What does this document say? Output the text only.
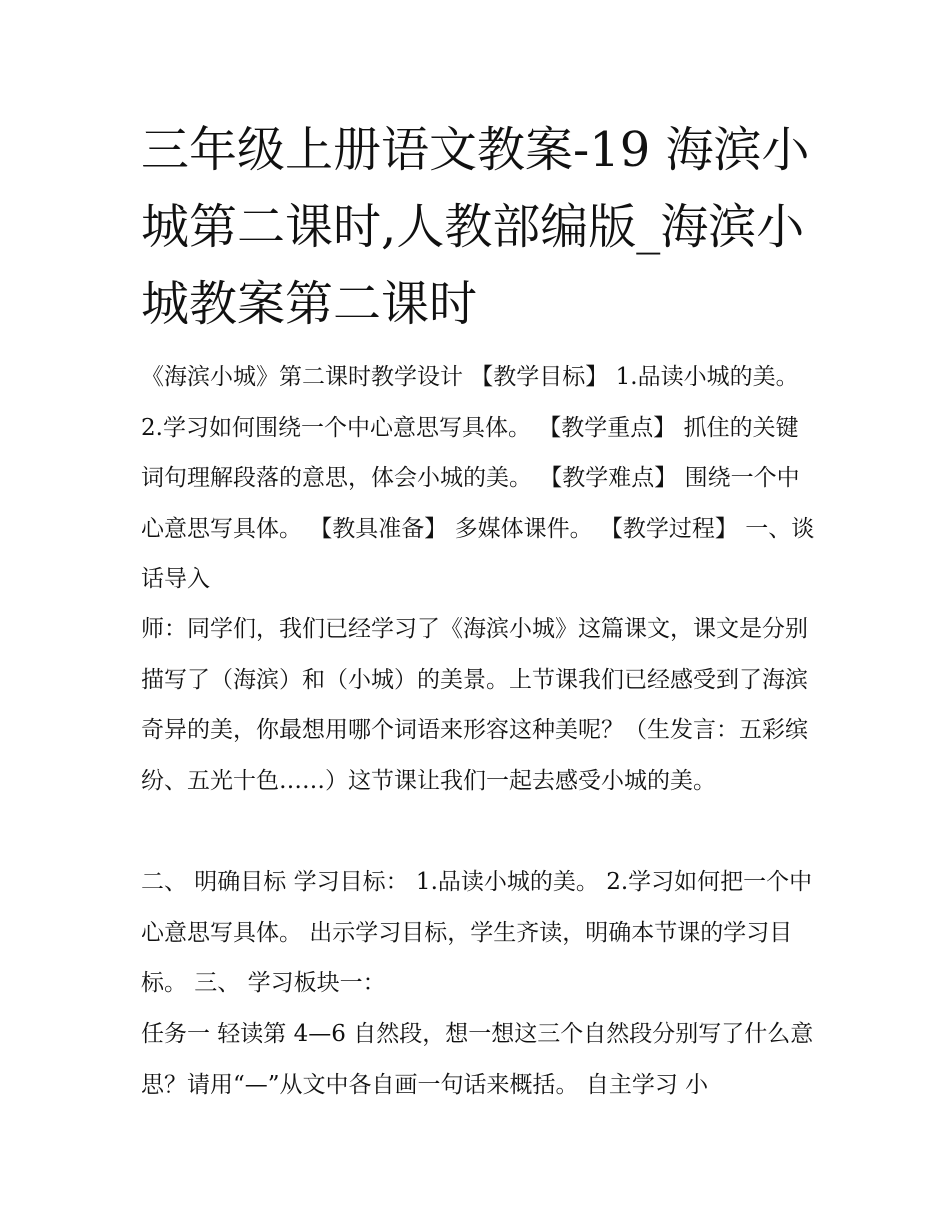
三年级上册语文教案-19 海滨小城第二课时,人教部编版_海滨小城教案第二课时

《海滨小城》第二课时教学设计 【教学目标】 1.品读小城的美。 2.学习如何围绕一个中心意思写具体。 【教学重点】 抓住的关键词句理解段落的意思，体会小城的美。 【教学难点】 围绕一个中心意思写具体。 【教具准备】 多媒体课件。 【教学过程】 一、谈话导入

师：同学们，我们已经学习了《海滨小城》这篇课文，课文是分别描写了（海滨）和（小城）的美景。上节课我们已经感受到了海滨奇异的美，你最想用哪个词语来形容这种美呢？（生发言：五彩缤纷、五光十色……）这节课让我们一起去感受小城的美。

二、 明确目标 学习目标： 1.品读小城的美。 2.学习如何把一个中心意思写具体。 出示学习目标，学生齐读，明确本节课的学习目标。 三、 学习板块一：

任务一 轻读第 4—6 自然段，想一想这三个自然段分别写了什么意思？请用“—”从文中各自画一句话来概括。 自主学习 小
